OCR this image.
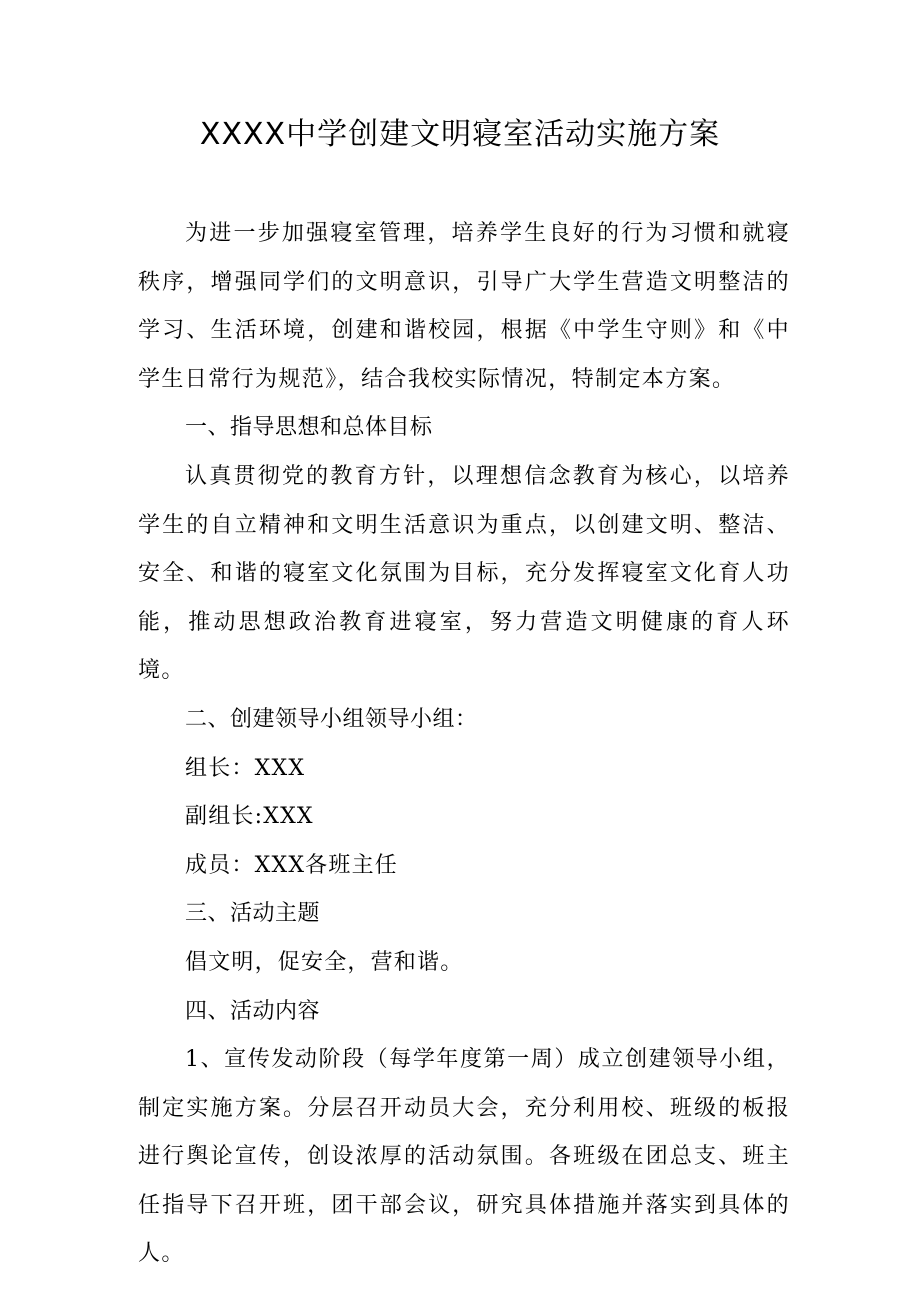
XXXX中学创建文明寝室活动实施方案

为进一步加强寝室管理，培养学生良好的行为习惯和就寝秩序，增强同学们的文明意识，引导广大学生营造文明整洁的学习、生活环境，创建和谐校园，根据《中学生守则》和《中学生日常行为规范》，结合我校实际情况，特制定本方案。

一、指导思想和总体目标

认真贯彻党的教育方针，以理想信念教育为核心，以培养学生的自立精神和文明生活意识为重点，以创建文明、整洁、安全、和谐的寝室文化氛围为目标，充分发挥寝室文化育人功能，推动思想政治教育进寝室，努力营造文明健康的育人环境。

二、创建领导小组领导小组：

组长：XXX

副组长:XXX

成员：XXX各班主任

三、活动主题

倡文明，促安全，营和谐。

四、活动内容

1、宣传发动阶段（每学年度第一周）成立创建领导小组，制定实施方案。分层召开动员大会，充分利用校、班级的板报进行舆论宣传，创设浓厚的活动氛围。各班级在团总支、班主任指导下召开班，团干部会议，研究具体措施并落实到具体的人。
